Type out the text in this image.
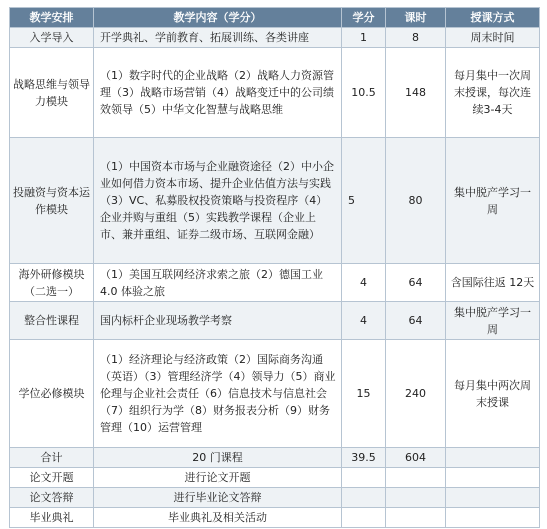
教学安排	教学内容（学分）	学分	课时	授课方式
入学导入	开学典礼、学前教育、拓展训练、各类讲座	1	8	周末时间
战略思维与领导力模块	（1）数字时代的企业战略（2）战略人力资源管理（3）战略市场营销（4）战略变迁中的公司绩效领导（5）中华文化智慧与战略思维	10.5	148	每月集中一次周末授课，每次连续3-4天
投融资与资本运作模块	（1）中国资本市场与企业融资途径（2）中小企业如何借力资本市场、提升企业估值方法与实践（3）VC、私募股权投资策略与投资程序（4）企业并购与重组（5）实践教学课程（企业上市、兼并重组、证券二级市场、互联网金融）	5	80	集中脱产学习一周
海外研修模块（二选一）	（1）美国互联网经济求索之旅（2）德国工业 4.0 体验之旅	4	64	含国际往返 12天
整合性课程	国内标杆企业现场教学考察	4	64	集中脱产学习一周
学位必修模块	（1）经济理论与经济政策（2）国际商务沟通（英语）（3）管理经济学（4）领导力（5）商业伦理与企业社会责任（6）信息技术与信息社会（7）组织行为学（8）财务报表分析（9）财务管理（10）运营管理	15	240	每月集中两次周末授课
合计	20 门课程	39.5	604	
论文开题	进行论文开题			
论文答辩	进行毕业论文答辩			
毕业典礼	毕业典礼及相关活动			
